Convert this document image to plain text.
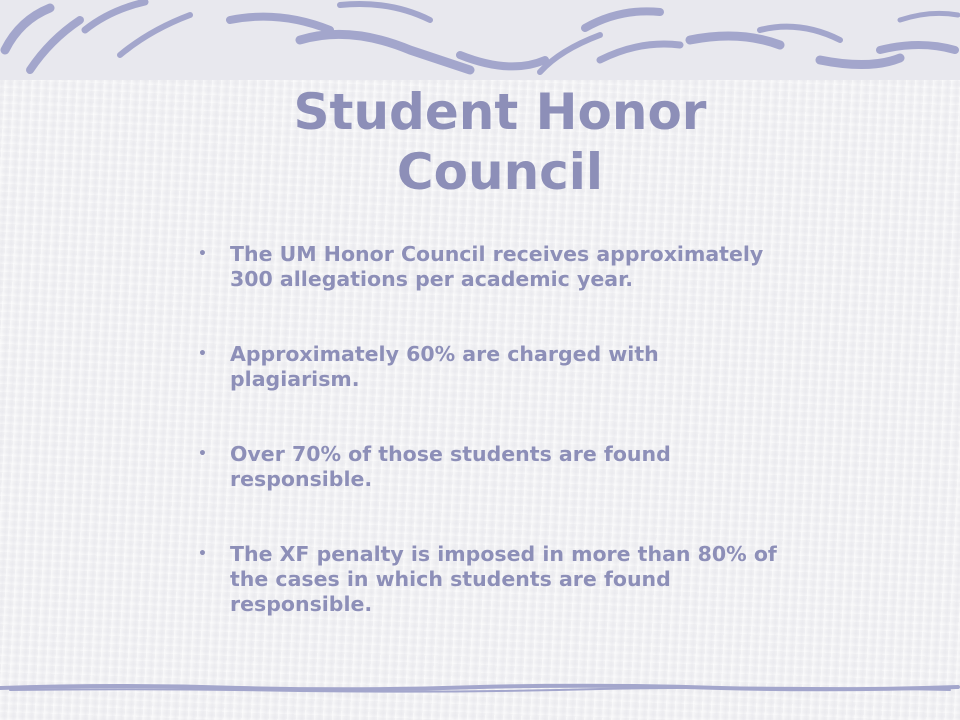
Student Honor Council
• The UM Honor Council receives approximately 300 allegations per academic year.
• Approximately 60% are charged with plagiarism.
• Over 70% of those students are found responsible.
• The XF penalty is imposed in more than 80% of the cases in which students are found responsible.
